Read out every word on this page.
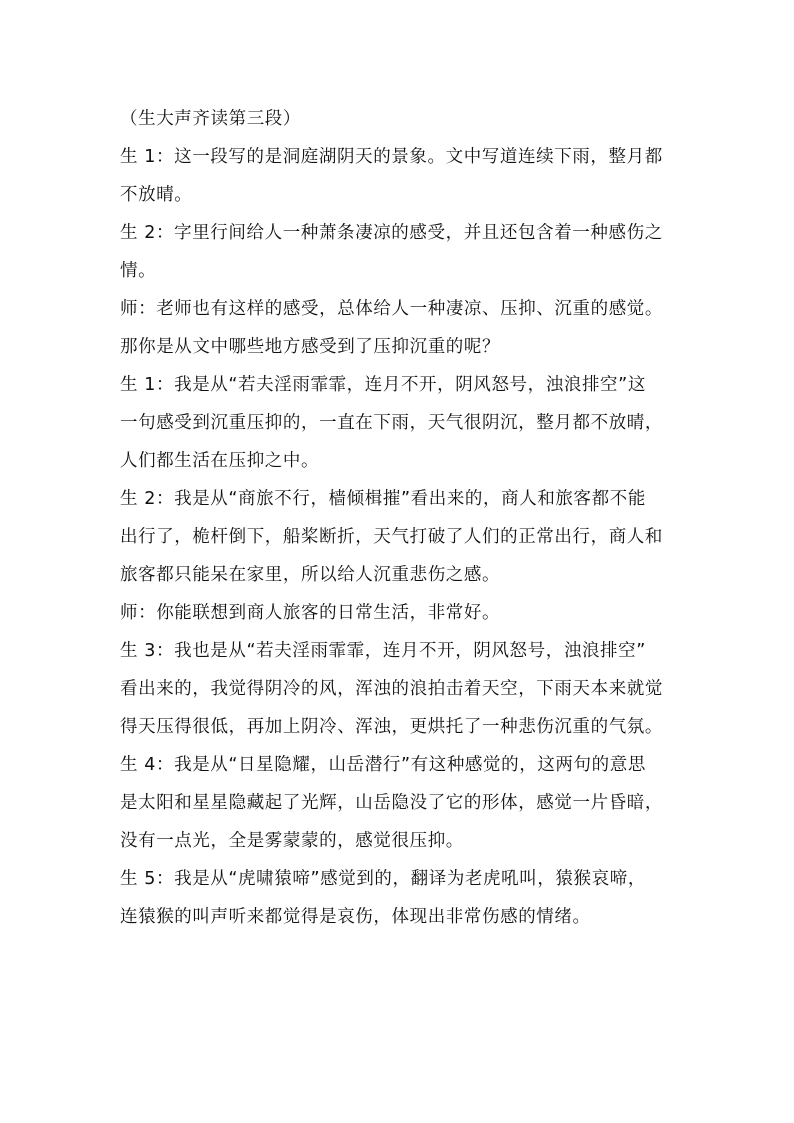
（生大声齐读第三段）
生 1：这一段写的是洞庭湖阴天的景象。文中写道连续下雨，整月都
不放晴。
生 2：字里行间给人一种萧条凄凉的感受，并且还包含着一种感伤之
情。
师：老师也有这样的感受，总体给人一种凄凉、压抑、沉重的感觉。
那你是从文中哪些地方感受到了压抑沉重的呢？
生 1：我是从“若夫淫雨霏霏，连月不开，阴风怒号，浊浪排空”这
一句感受到沉重压抑的，一直在下雨，天气很阴沉，整月都不放晴，
人们都生活在压抑之中。
生 2：我是从“商旅不行，樯倾楫摧”看出来的，商人和旅客都不能
出行了，桅杆倒下，船桨断折，天气打破了人们的正常出行，商人和
旅客都只能呆在家里，所以给人沉重悲伤之感。
师：你能联想到商人旅客的日常生活，非常好。
生 3：我也是从“若夫淫雨霏霏，连月不开，阴风怒号，浊浪排空”
看出来的，我觉得阴冷的风，浑浊的浪拍击着天空，下雨天本来就觉
得天压得很低，再加上阴冷、浑浊，更烘托了一种悲伤沉重的气氛。
生 4：我是从“日星隐耀，山岳潜行”有这种感觉的，这两句的意思
是太阳和星星隐藏起了光辉，山岳隐没了它的形体，感觉一片昏暗，
没有一点光，全是雾蒙蒙的，感觉很压抑。
生 5：我是从“虎啸猿啼”感觉到的，翻译为老虎吼叫，猿猴哀啼，
连猿猴的叫声听来都觉得是哀伤，体现出非常伤感的情绪。
